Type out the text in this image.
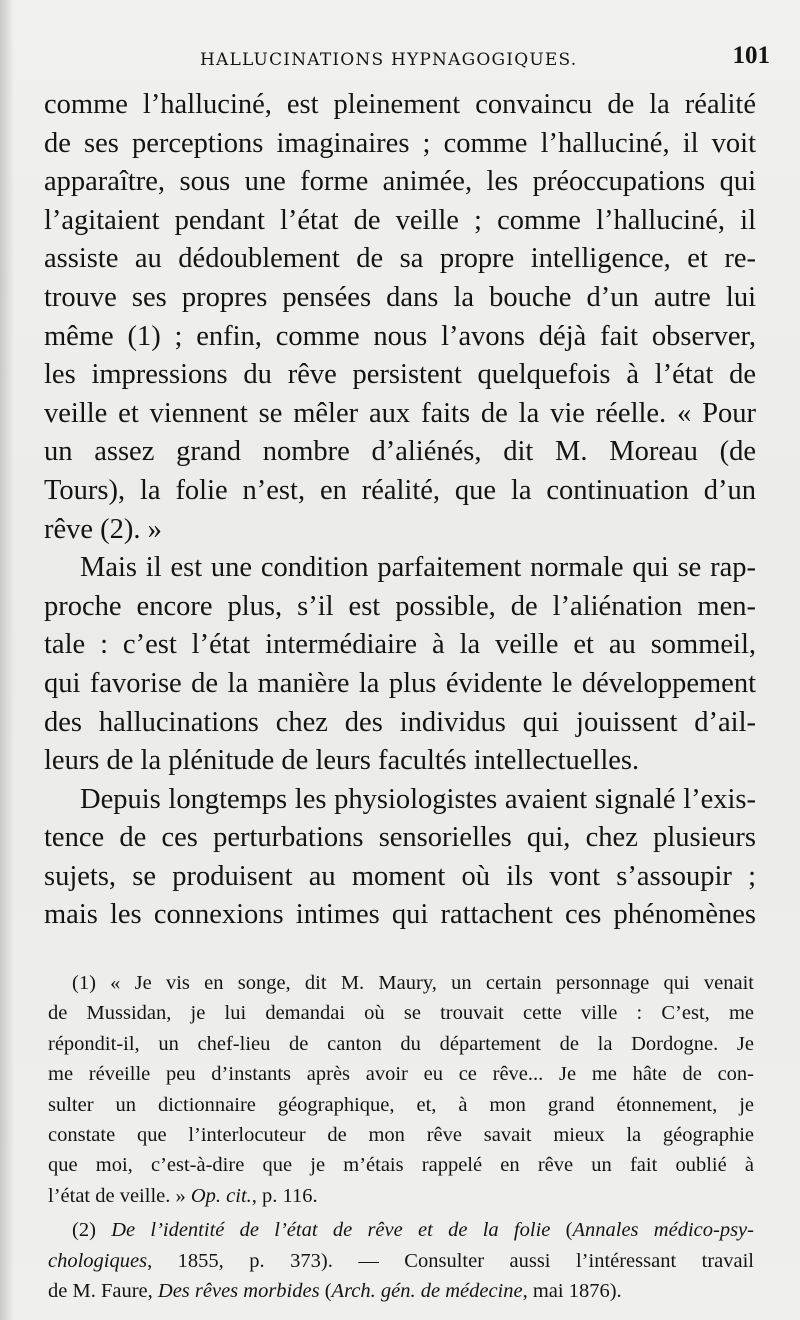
HALLUCINATIONS HYPNAGOGIQUES.	101
comme l’halluciné, est pleinement convaincu de la réalité
de ses perceptions imaginaires ; comme l’halluciné, il voit
apparaître, sous une forme animée, les préoccupations qui
l’agitaient pendant l’état de veille ; comme l’halluciné, il
assiste au dédoublement de sa propre intelligence, et re-
trouve ses propres pensées dans la bouche d’un autre lui
même (1) ; enfin, comme nous l’avons déjà fait observer,
les impressions du rêve persistent quelquefois à l’état de
veille et viennent se mêler aux faits de la vie réelle. « Pour
un assez grand nombre d’aliénés, dit M. Moreau (de
Tours), la folie n’est, en réalité, que la continuation d’un
rêve (2). »
Mais il est une condition parfaitement normale qui se rap-
proche encore plus, s’il est possible, de l’aliénation men-
tale : c’est l’état intermédiaire à la veille et au sommeil,
qui favorise de la manière la plus évidente le développement
des hallucinations chez des individus qui jouissent d’ail-
leurs de la plénitude de leurs facultés intellectuelles.
Depuis longtemps les physiologistes avaient signalé l’exis-
tence de ces perturbations sensorielles qui, chez plusieurs
sujets, se produisent au moment où ils vont s’assoupir ;
mais les connexions intimes qui rattachent ces phénomènes
(1) « Je vis en songe, dit M. Maury, un certain personnage qui venait
de Mussidan, je lui demandai où se trouvait cette ville : C’est, me
répondit-il, un chef-lieu de canton du département de la Dordogne. Je
me réveille peu d’instants après avoir eu ce rêve... Je me hâte de con-
sulter un dictionnaire géographique, et, à mon grand étonnement, je
constate que l’interlocuteur de mon rêve savait mieux la géographie
que moi, c’est-à-dire que je m’étais rappelé en rêve un fait oublié à
l’état de veille. » Op. cit., p. 116.
(2) De l’identité de l’état de rêve et de la folie (Annales médico-psy-
chologiques, 1855, p. 373). — Consulter aussi l’intéressant travail
de M. Faure, Des rêves morbides (Arch. gén. de médecine, mai 1876).
